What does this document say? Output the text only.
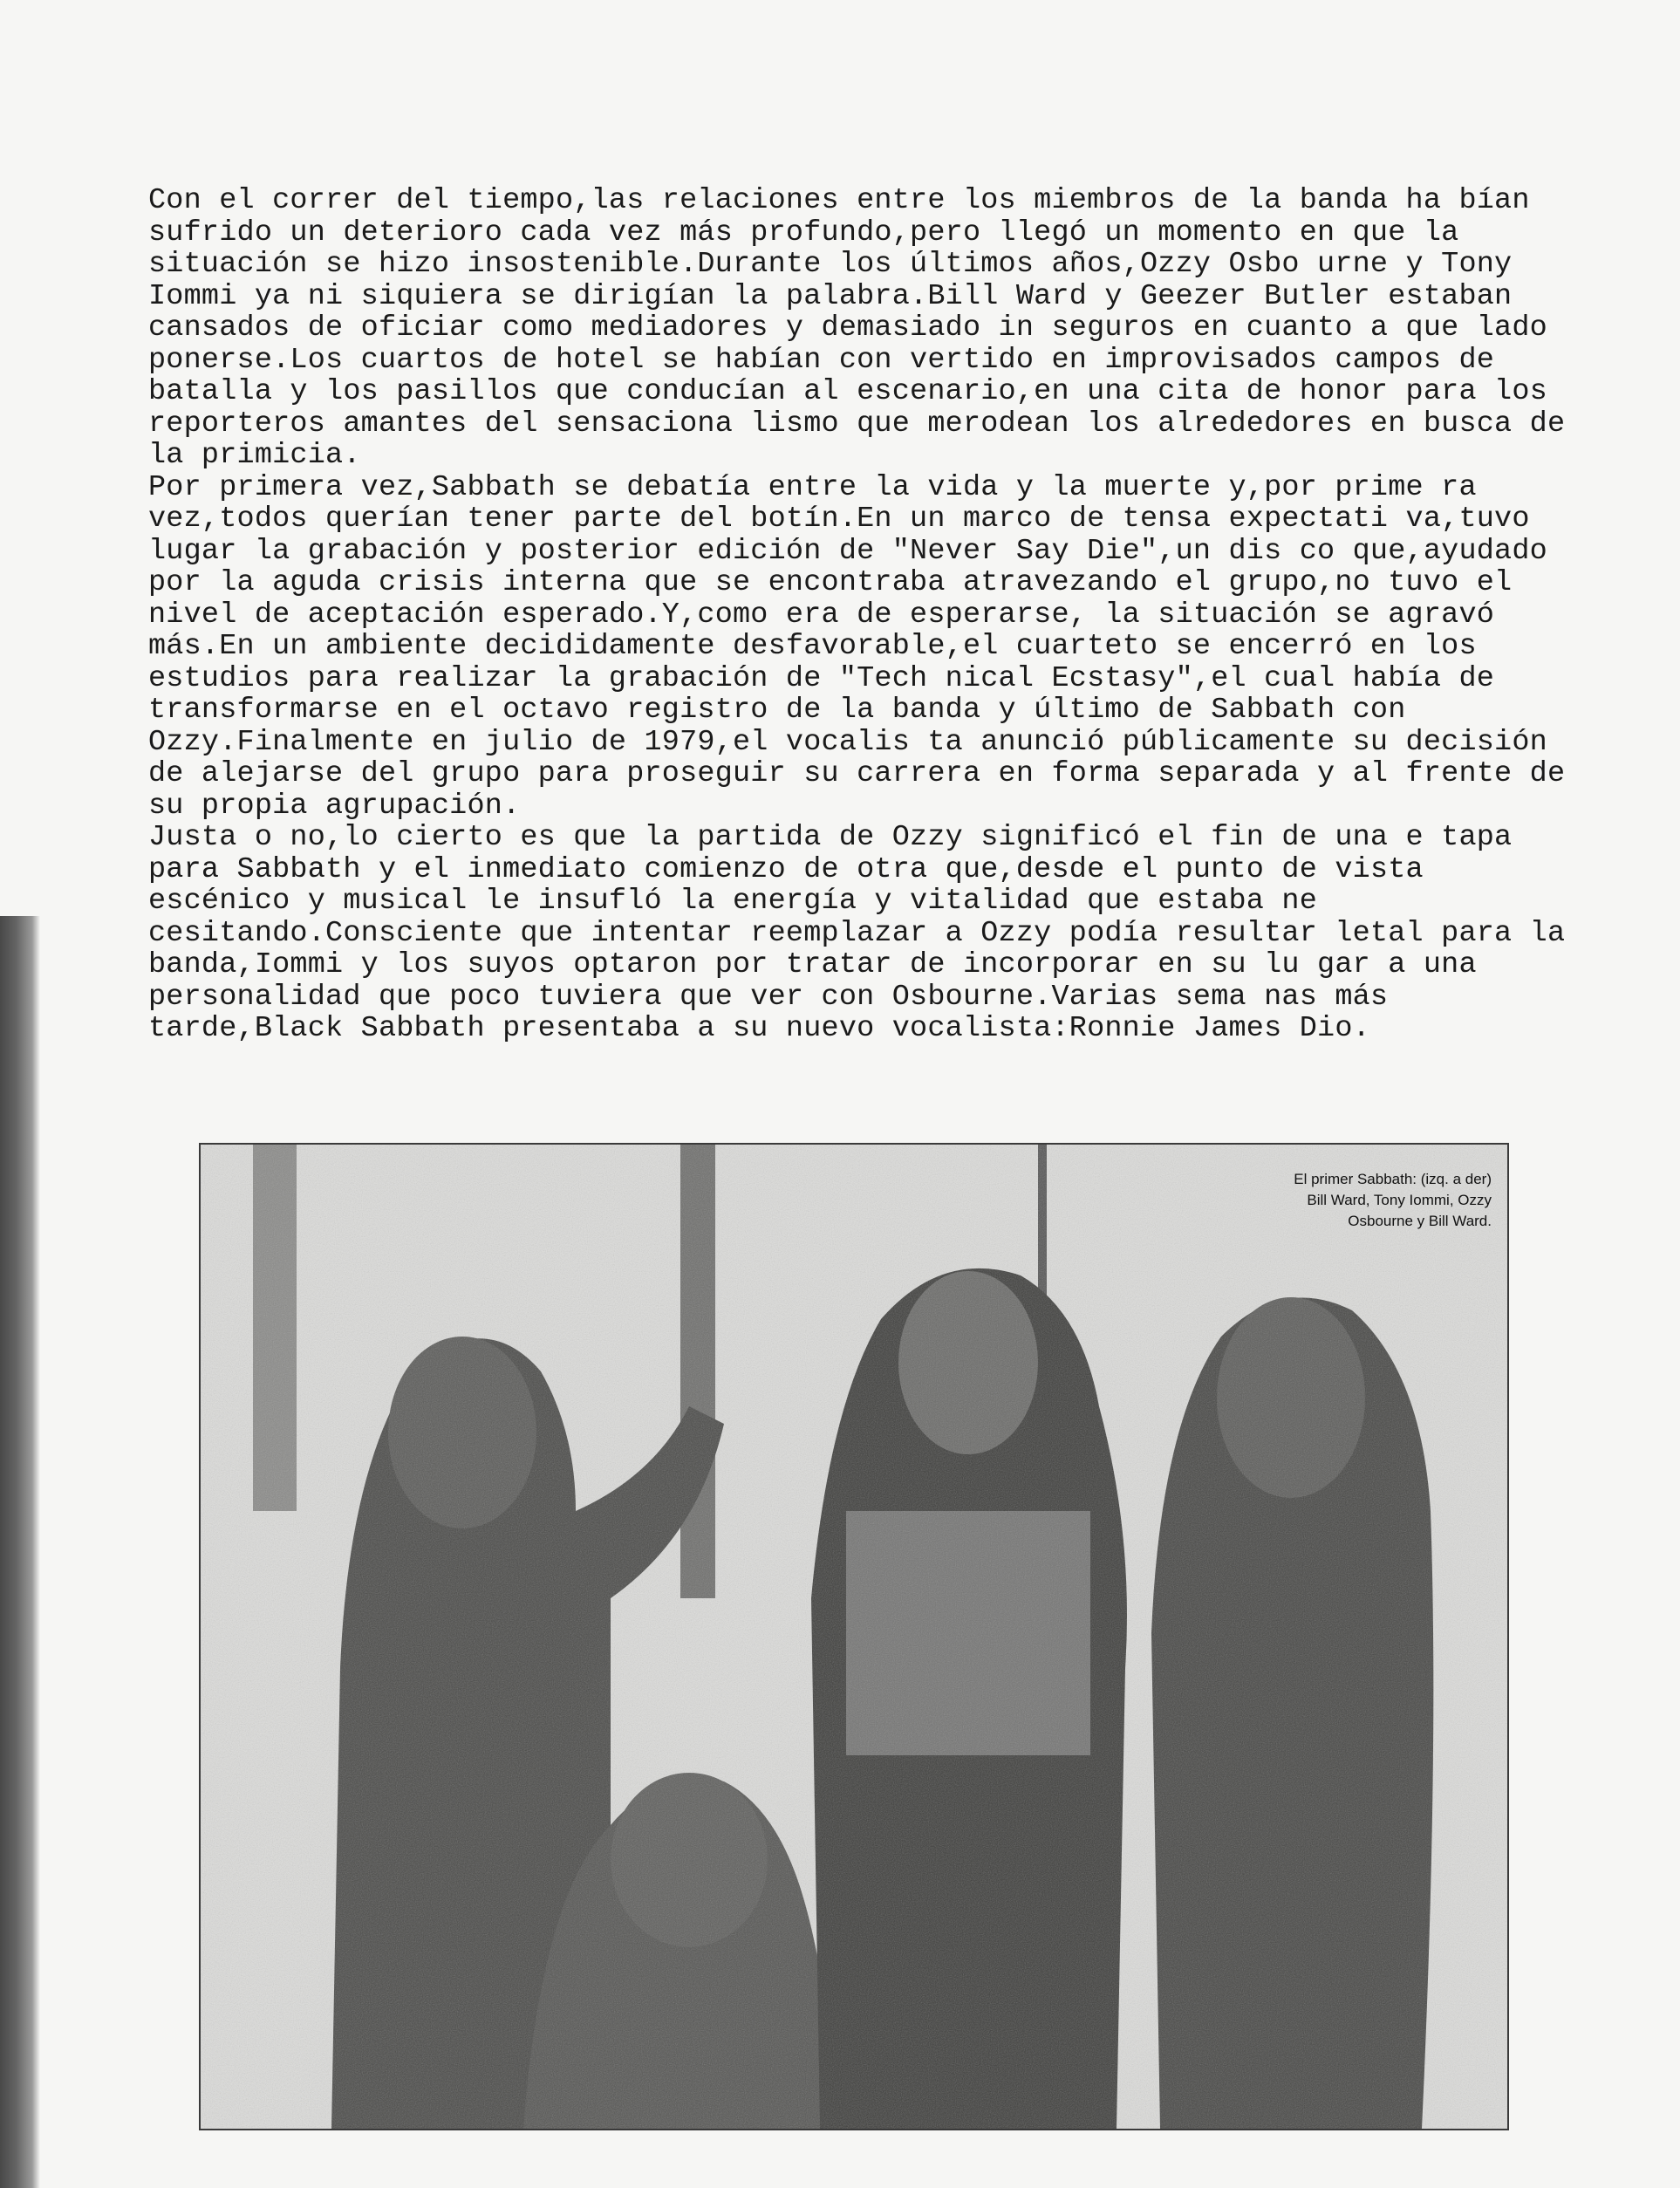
Con el correr del tiempo,las relaciones entre los miembros de la banda ha bían sufrido un deterioro cada vez más profundo,pero llegó un momento en que la situación se hizo insostenible.Durante los últimos años,Ozzy Osbo urne y Tony Iommi ya ni siquiera se dirigían la palabra.Bill Ward y Geezer Butler estaban cansados de oficiar como mediadores y demasiado in seguros en cuanto a que lado ponerse.Los cuartos de hotel se habían con vertido en improvisados campos de batalla y los pasillos que conducían al escenario,en una cita de honor para los reporteros amantes del sensaciona lismo que merodean los alrededores en busca de la primicia.

Por primera vez,Sabbath se debatía entre la vida y la muerte y,por prime ra vez,todos querían tener parte del botín.En un marco de tensa expectati va,tuvo lugar la grabación y posterior edición de "Never Say Die",un dis co que,ayudado por la aguda crisis interna que se encontraba atravezando el grupo,no tuvo el nivel de aceptación esperado.Y,como era de esperarse, la situación se agravó más.En un ambiente decididamente desfavorable,el cuarteto se encerró en los estudios para realizar la grabación de "Tech nical Ecstasy",el cual había de transformarse en el octavo registro de la banda y último de Sabbath con Ozzy.Finalmente en julio de 1979,el vocalis ta anunció públicamente su decisión de alejarse del grupo para proseguir su carrera en forma separada y al frente de su propia agrupación.

Justa o no,lo cierto es que la partida de Ozzy significó el fin de una e tapa para Sabbath y el inmediato comienzo de otra que,desde el punto de vista escénico y musical le insufló la energía y vitalidad que estaba ne cesitando.Consciente que intentar reemplazar a Ozzy podía resultar letal para la banda,Iommi y los suyos optaron por tratar de incorporar en su lu gar a una personalidad que poco tuviera que ver con Osbourne.Varias sema nas más tarde,Black Sabbath presentaba a su nuevo vocalista:Ronnie James Dio.

El primer Sabbath: (izq. a der)
Bill Ward, Tony Iommi, Ozzy
Osbourne y Bill Ward.
